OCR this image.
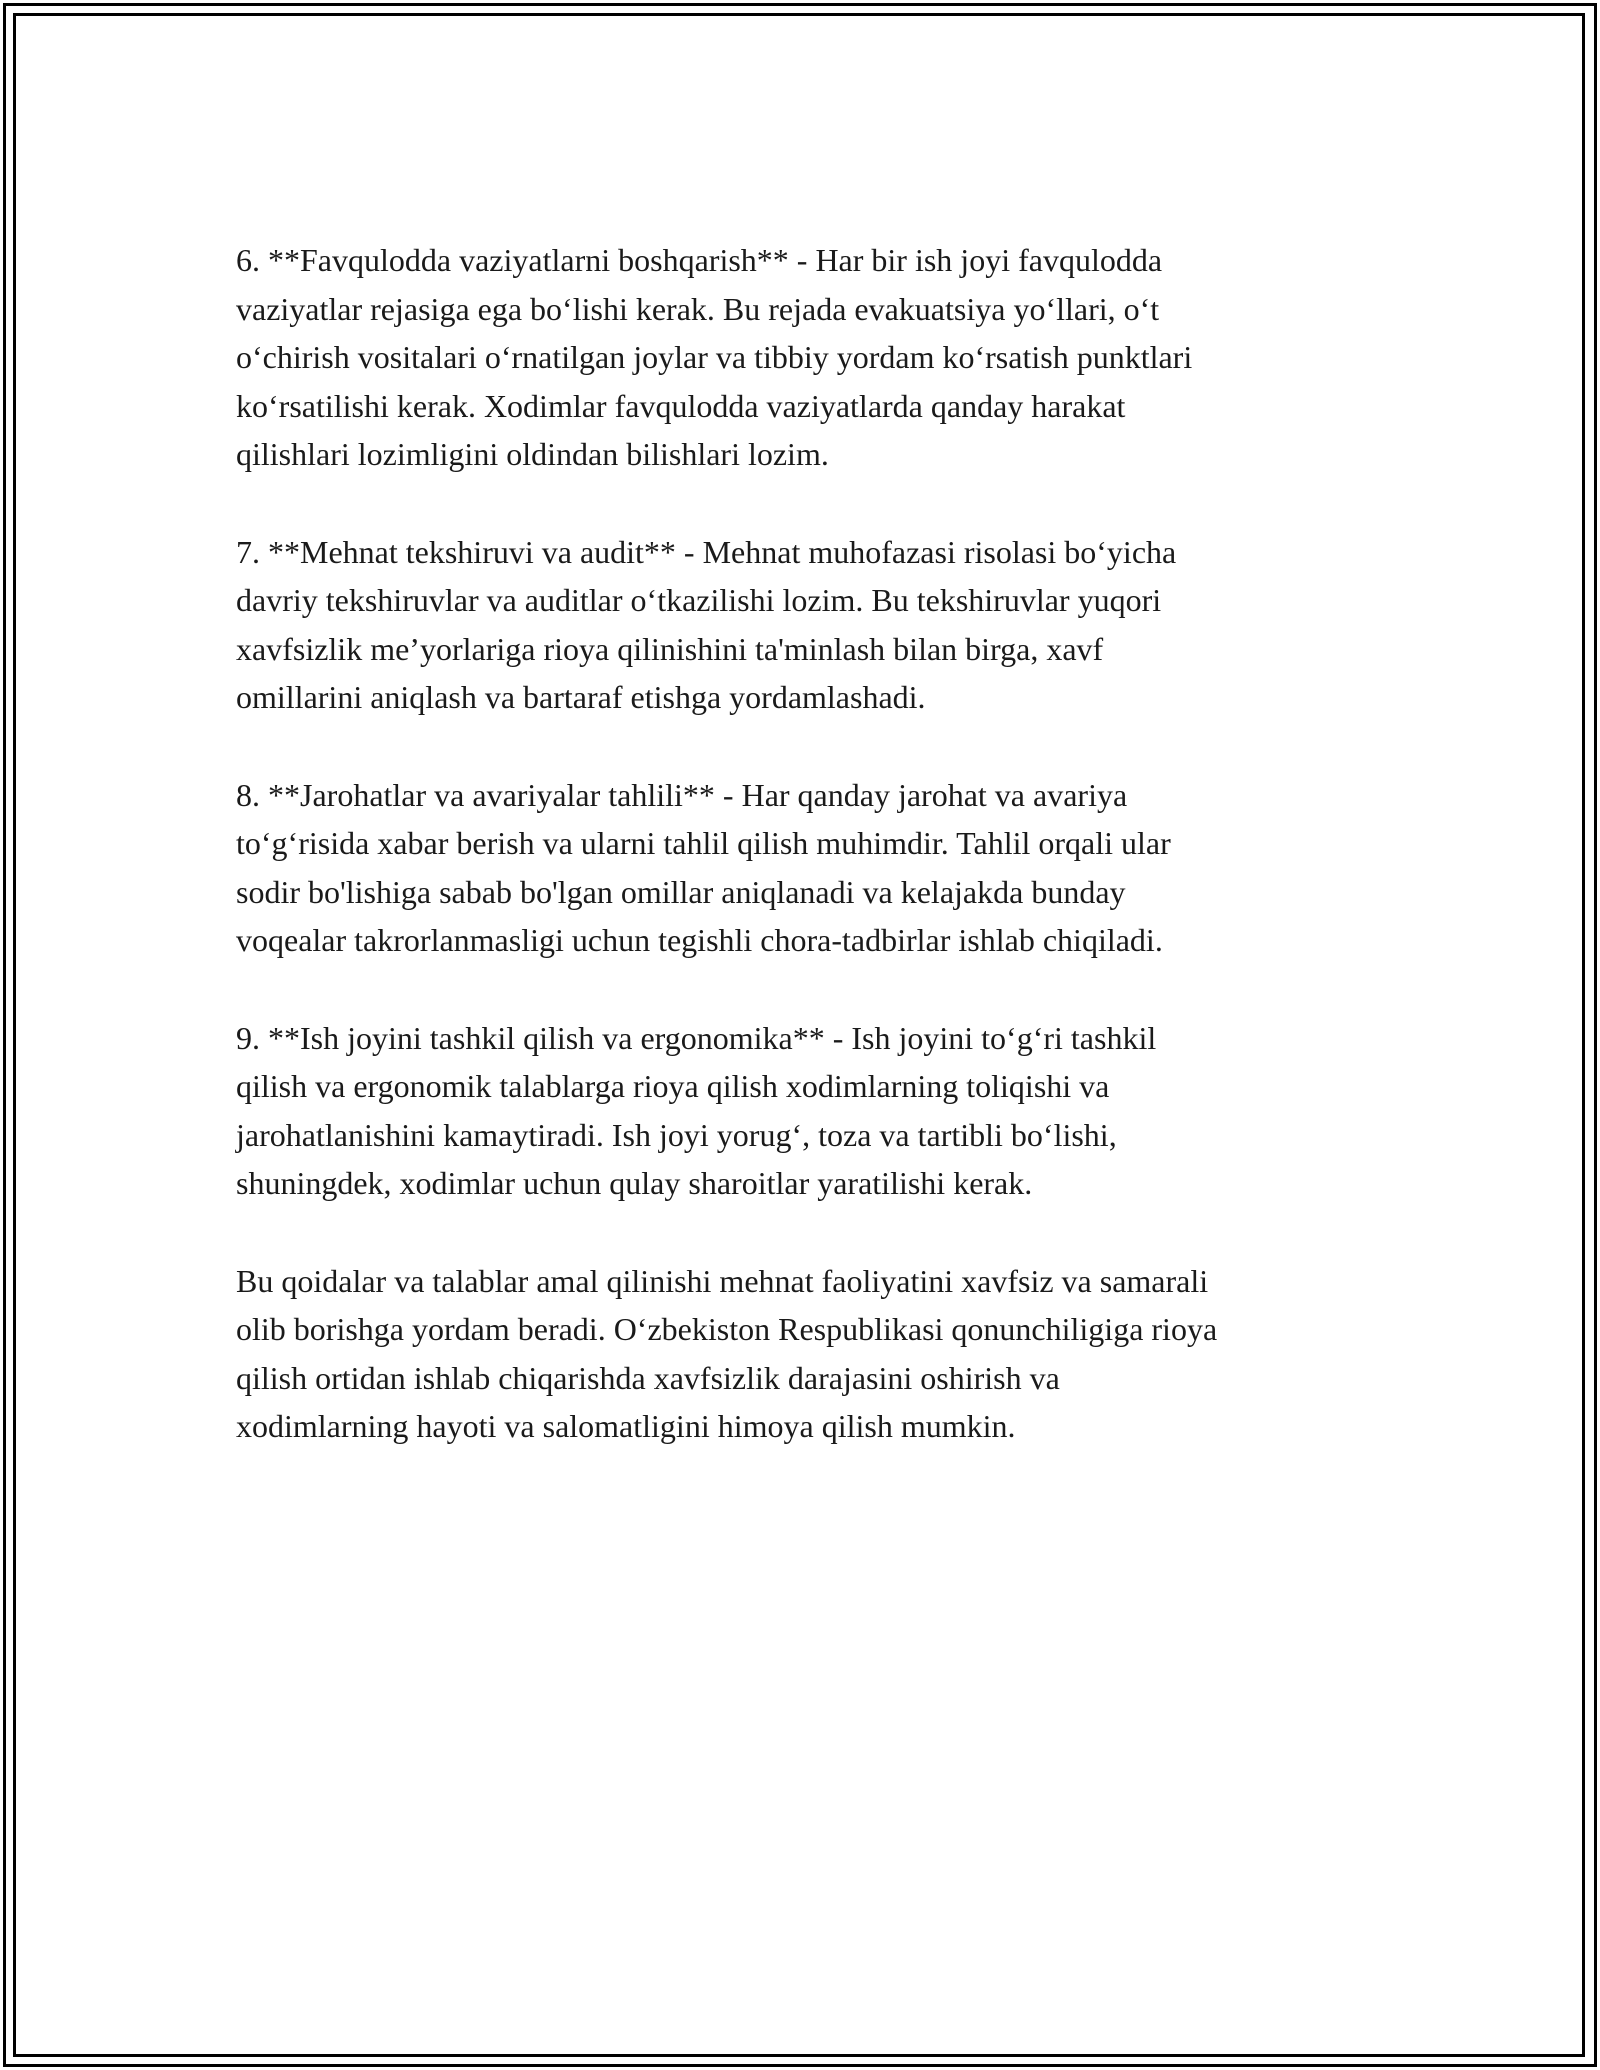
6. **Favqulodda vaziyatlarni boshqarish** - Har bir ish joyi favqulodda
vaziyatlar rejasiga ega bo‘lishi kerak. Bu rejada evakuatsiya yo‘llari, o‘t
o‘chirish vositalari o‘rnatilgan joylar va tibbiy yordam ko‘rsatish punktlari
ko‘rsatilishi kerak. Xodimlar favqulodda vaziyatlarda qanday harakat
qilishlari lozimligini oldindan bilishlari lozim.

7. **Mehnat tekshiruvi va audit** - Mehnat muhofazasi risolasi bo‘yicha
davriy tekshiruvlar va auditlar o‘tkazilishi lozim. Bu tekshiruvlar yuqori
xavfsizlik me’yorlariga rioya qilinishini ta'minlash bilan birga, xavf
omillarini aniqlash va bartaraf etishga yordamlashadi.

8. **Jarohatlar va avariyalar tahlili** - Har qanday jarohat va avariya
to‘g‘risida xabar berish va ularni tahlil qilish muhimdir. Tahlil orqali ular
sodir bo'lishiga sabab bo'lgan omillar aniqlanadi va kelajakda bunday
voqealar takrorlanmasligi uchun tegishli chora-tadbirlar ishlab chiqiladi.

9. **Ish joyini tashkil qilish va ergonomika** - Ish joyini to‘g‘ri tashkil
qilish va ergonomik talablarga rioya qilish xodimlarning toliqishi va
jarohatlanishini kamaytiradi. Ish joyi yorug‘, toza va tartibli bo‘lishi,
shuningdek, xodimlar uchun qulay sharoitlar yaratilishi kerak.

Bu qoidalar va talablar amal qilinishi mehnat faoliyatini xavfsiz va samarali
olib borishga yordam beradi. O‘zbekiston Respublikasi qonunchiligiga rioya
qilish ortidan ishlab chiqarishda xavfsizlik darajasini oshirish va
xodimlarning hayoti va salomatligini himoya qilish mumkin.
